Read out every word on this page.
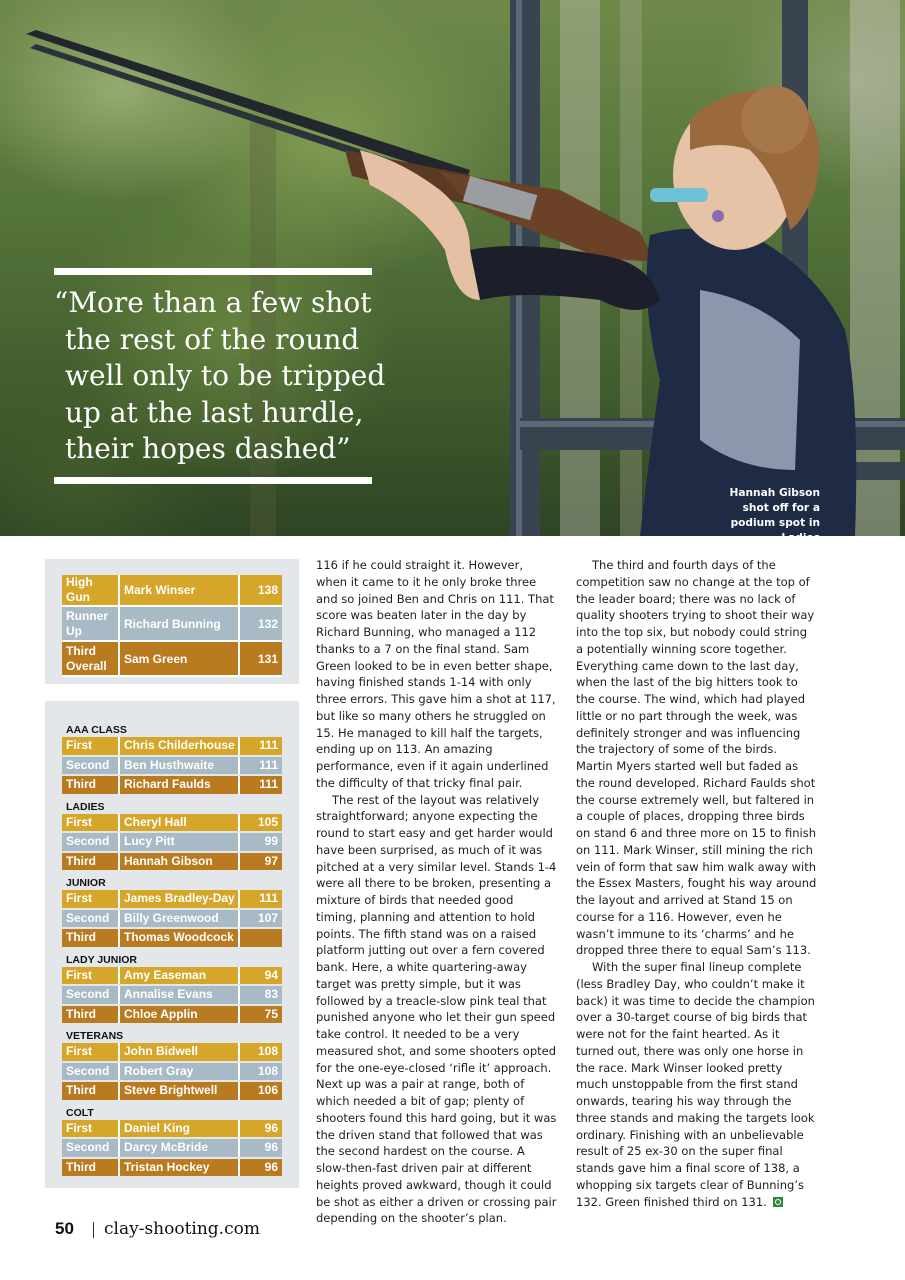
“More than a few shot the rest of the round well only to be tripped up at the last hurdle, their hopes dashed”
Hannah Gibson shot off for a podium spot in Ladies
High Gun	Mark Winser	138
Runner Up	Richard Bunning	132
Third Overall	Sam Green	131
AAA CLASS
First	Chris Childerhouse	111
Second	Ben Husthwaite	111
Third	Richard Faulds	111
LADIES
First	Cheryl Hall	105
Second	Lucy Pitt	99
Third	Hannah Gibson	97
JUNIOR
First	James Bradley-Day	111
Second	Billy Greenwood	107
Third	Thomas Woodcock
LADY JUNIOR
First	Amy Easeman	94
Second	Annalise Evans	83
Third	Chloe Applin	75
VETERANS
First	John Bidwell	108
Second	Robert Gray	108
Third	Steve Brightwell	106
COLT
First	Daniel King	96
Second	Darcy McBride	96
Third	Tristan Hockey	96

116 if he could straight it. However, when it came to it he only broke three and so joined Ben and Chris on 111. That score was beaten later in the day by Richard Bunning, who managed a 112 thanks to a 7 on the final stand. Sam Green looked to be in even better shape, having finished stands 1-14 with only three errors. This gave him a shot at 117, but like so many others he struggled on 15. He managed to kill half the targets, ending up on 113. An amazing performance, even if it again underlined the difficulty of that tricky final pair.

The rest of the layout was relatively straightforward; anyone expecting the round to start easy and get harder would have been surprised, as much of it was pitched at a very similar level. Stands 1-4 were all there to be broken, presenting a mixture of birds that needed good timing, planning and attention to hold points. The fifth stand was on a raised platform jutting out over a fern covered bank. Here, a white quartering-away target was pretty simple, but it was followed by a treacle-slow pink teal that punished anyone who let their gun speed take control. It needed to be a very measured shot, and some shooters opted for the one-eye-closed ‘rifle it’ approach. Next up was a pair at range, both of which needed a bit of gap; plenty of shooters found this hard going, but it was the driven stand that followed that was the second hardest on the course. A slow-then-fast driven pair at different heights proved awkward, though it could be shot as either a driven or crossing pair depending on the shooter’s plan.

The third and fourth days of the competition saw no change at the top of the leader board; there was no lack of quality shooters trying to shoot their way into the top six, but nobody could string a potentially winning score together. Everything came down to the last day, when the last of the big hitters took to the course. The wind, which had played little or no part through the week, was definitely stronger and was influencing the trajectory of some of the birds. Martin Myers started well but faded as the round developed. Richard Faulds shot the course extremely well, but faltered in a couple of places, dropping three birds on stand 6 and three more on 15 to finish on 111. Mark Winser, still mining the rich vein of form that saw him walk away with the Essex Masters, fought his way around the layout and arrived at Stand 15 on course for a 116. However, even he wasn’t immune to its ‘charms’ and he dropped three there to equal Sam’s 113.

With the super final lineup complete (less Bradley Day, who couldn’t make it back) it was time to decide the champion over a 30-target course of big birds that were not for the faint hearted. As it turned out, there was only one horse in the race. Mark Winser looked pretty much unstoppable from the first stand onwards, tearing his way through the three stands and making the targets look ordinary. Finishing with an unbelievable result of 25 ex-30 on the super final stands gave him a final score of 138, a whopping six targets clear of Bunning’s 132. Green finished third on 131.

50 clay-shooting.com
